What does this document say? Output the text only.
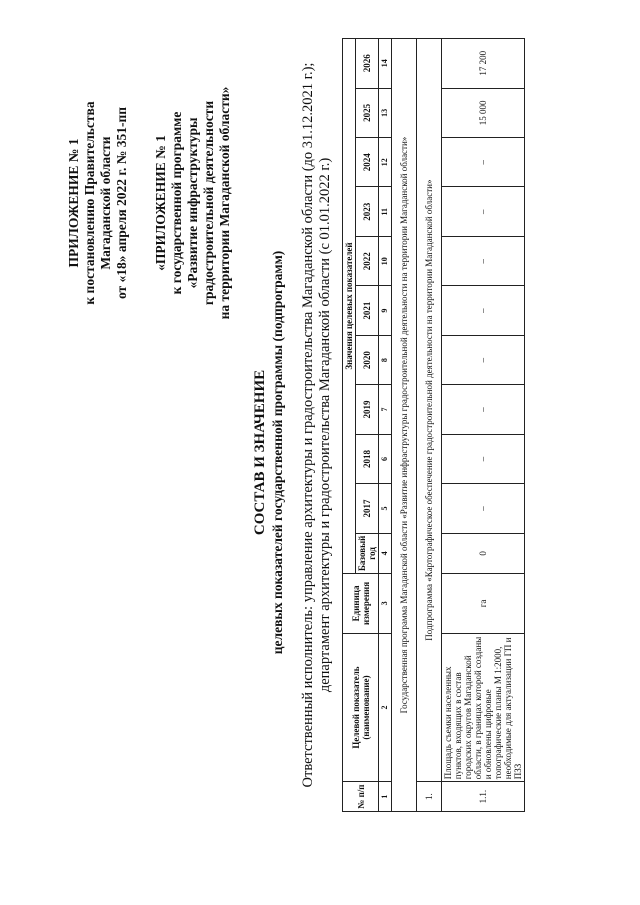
ПРИЛОЖЕНИЕ № 1 к постановлению Правительства Магаданской области от «18» апреля 2022 г. № 351-пп «ПРИЛОЖЕНИЕ № 1 к государственной программе «Развитие инфраструктуры градостроительной деятельности на территории Магаданской области»
СОСТАВ И ЗНАЧЕНИЕ целевых показателей государственной программы (подпрограмм) Ответственный исполнитель: управление архитектуры и градостроительства Магаданской области (до 31.12.2021 г.); департамент архитектуры и градостроительства Магаданской области (с 01.01.2022 г.)
№ п/п	Целевой показатель (наименование)	Единица измерения	Значения целевых показателей										
			Базовый год	2017	2018	2019	2020	2021	2022	2023	2024	2025	2026
1	2	3	4	5	6	7	8	9	10	11	12	13	14
Государственная программа Магаданской области «Развитие инфраструктуры градостроительной деятельности на территории Магаданской области»													
1.	Подпрограмма «Картографическое обеспечение градостроительной деятельности на территории Магаданской области»												
1.1.	Площадь съемки населенных пунктов, входящих в состав городских округов Магаданской области, в границах которой созданы и обновлены цифровые топографические планы М 1:2000, необходимые для актуализации ГП и ПЗЗ	га	0	–	–	–	–	–	–	–	–	15 000	17 200
